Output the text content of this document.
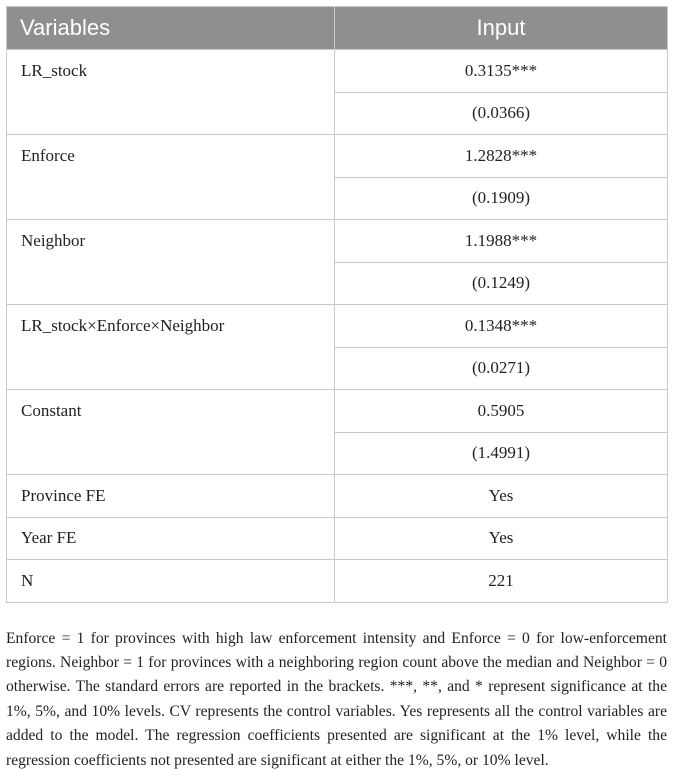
Variables	Input
LR_stock	0.3135***
	(0.0366)
Enforce	1.2828***
	(0.1909)
Neighbor	1.1988***
	(0.1249)
LR_stock×Enforce×Neighbor	0.1348***
	(0.0271)
Constant	0.5905
	(1.4991)
Province FE	Yes
Year FE	Yes
N	221

Enforce = 1 for provinces with high law enforcement intensity and Enforce = 0 for low-enforcement regions. Neighbor = 1 for provinces with a neighboring region count above the median and Neighbor = 0 otherwise. The standard errors are reported in the brackets. ***, **, and * represent significance at the 1%, 5%, and 10% levels. CV represents the control variables. Yes represents all the control variables are added to the model. The regression coefficients presented are significant at the 1% level, while the regression coefficients not presented are significant at either the 1%, 5%, or 10% level.
